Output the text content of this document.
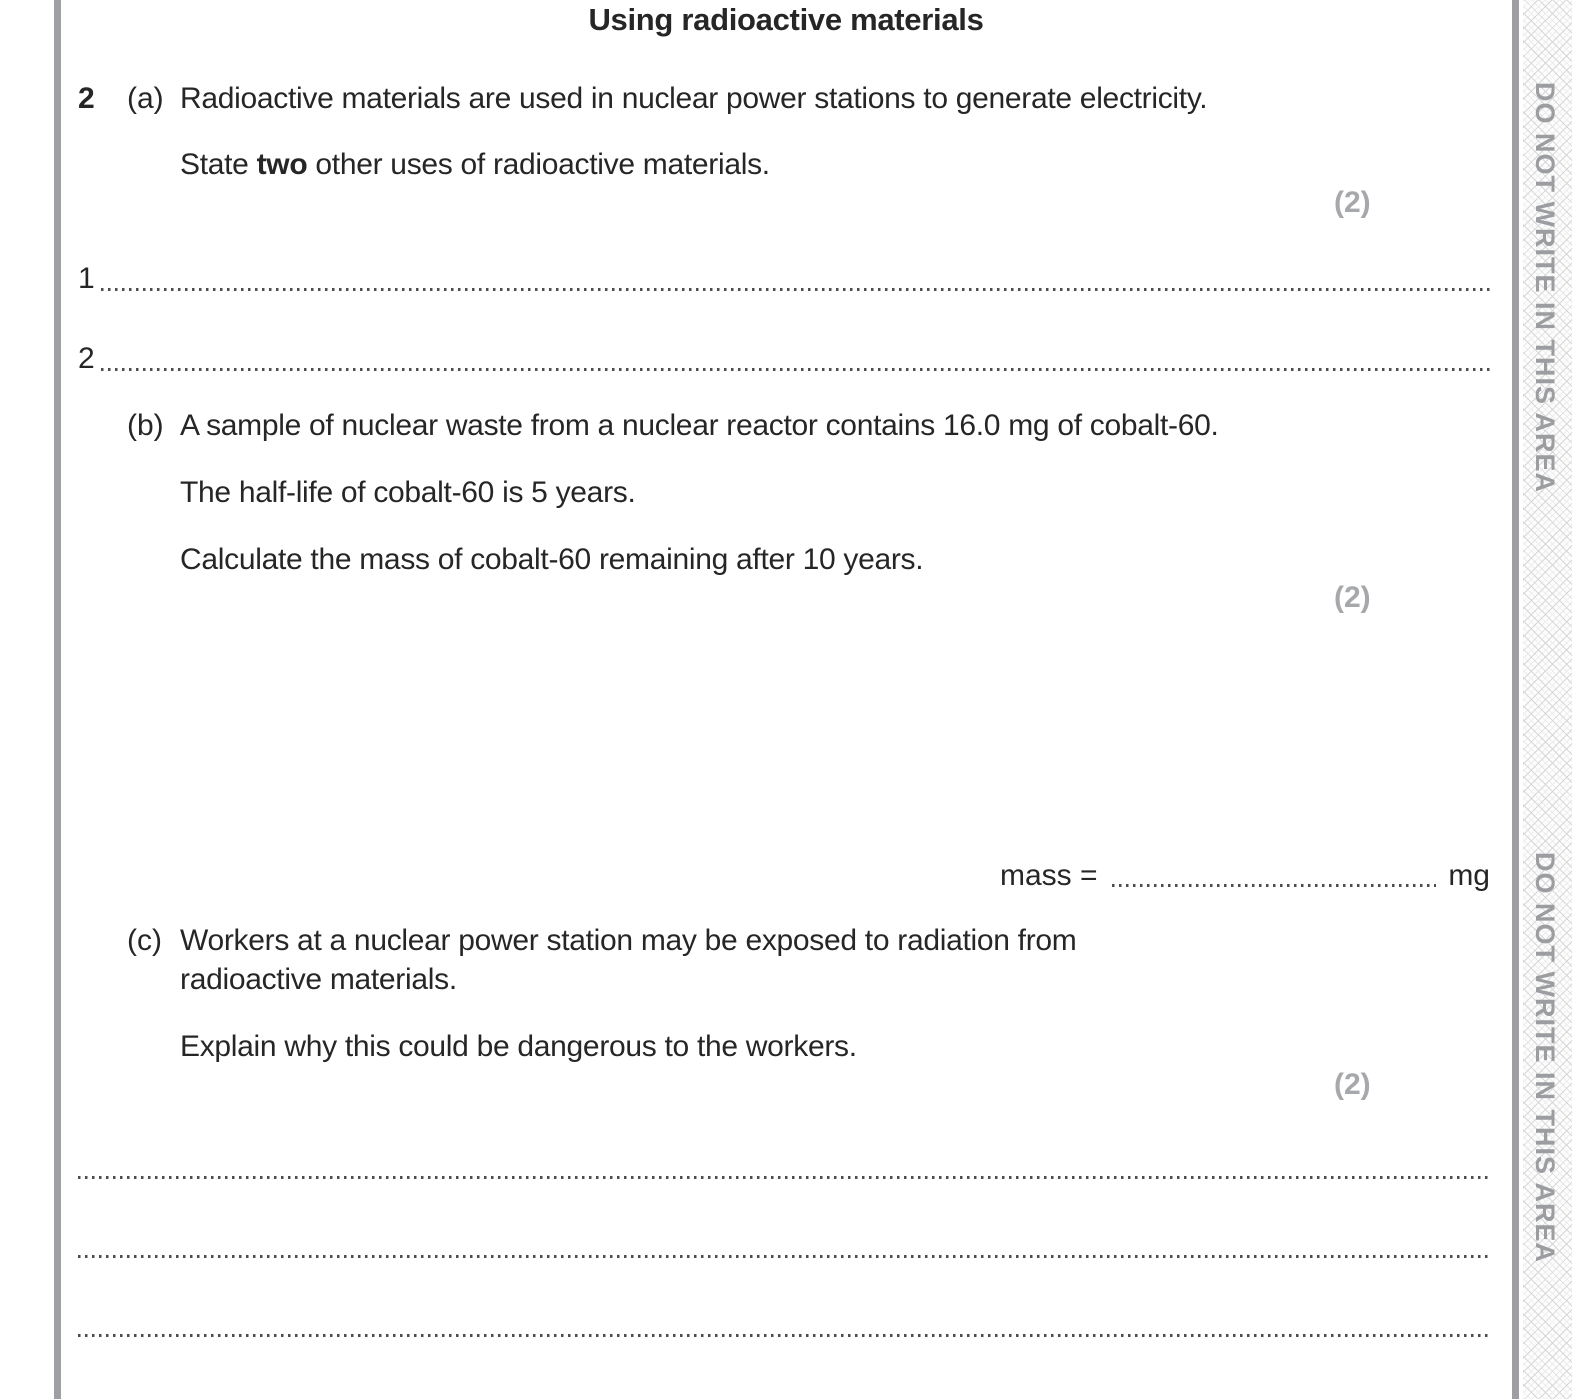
Using radioactive materials
2 (a) Radioactive materials are used in nuclear power stations to generate electricity.
State two other uses of radioactive materials.
(2)
1
2
(b) A sample of nuclear waste from a nuclear reactor contains 16.0 mg of cobalt-60.
The half-life of cobalt-60 is 5 years.
Calculate the mass of cobalt-60 remaining after 10 years.
(2)
mass =	mg
(c) Workers at a nuclear power station may be exposed to radiation from
radioactive materials.
Explain why this could be dangerous to the workers.
(2)
DO NOT WRITE IN THIS AREA
DO NOT WRITE IN THIS AREA
